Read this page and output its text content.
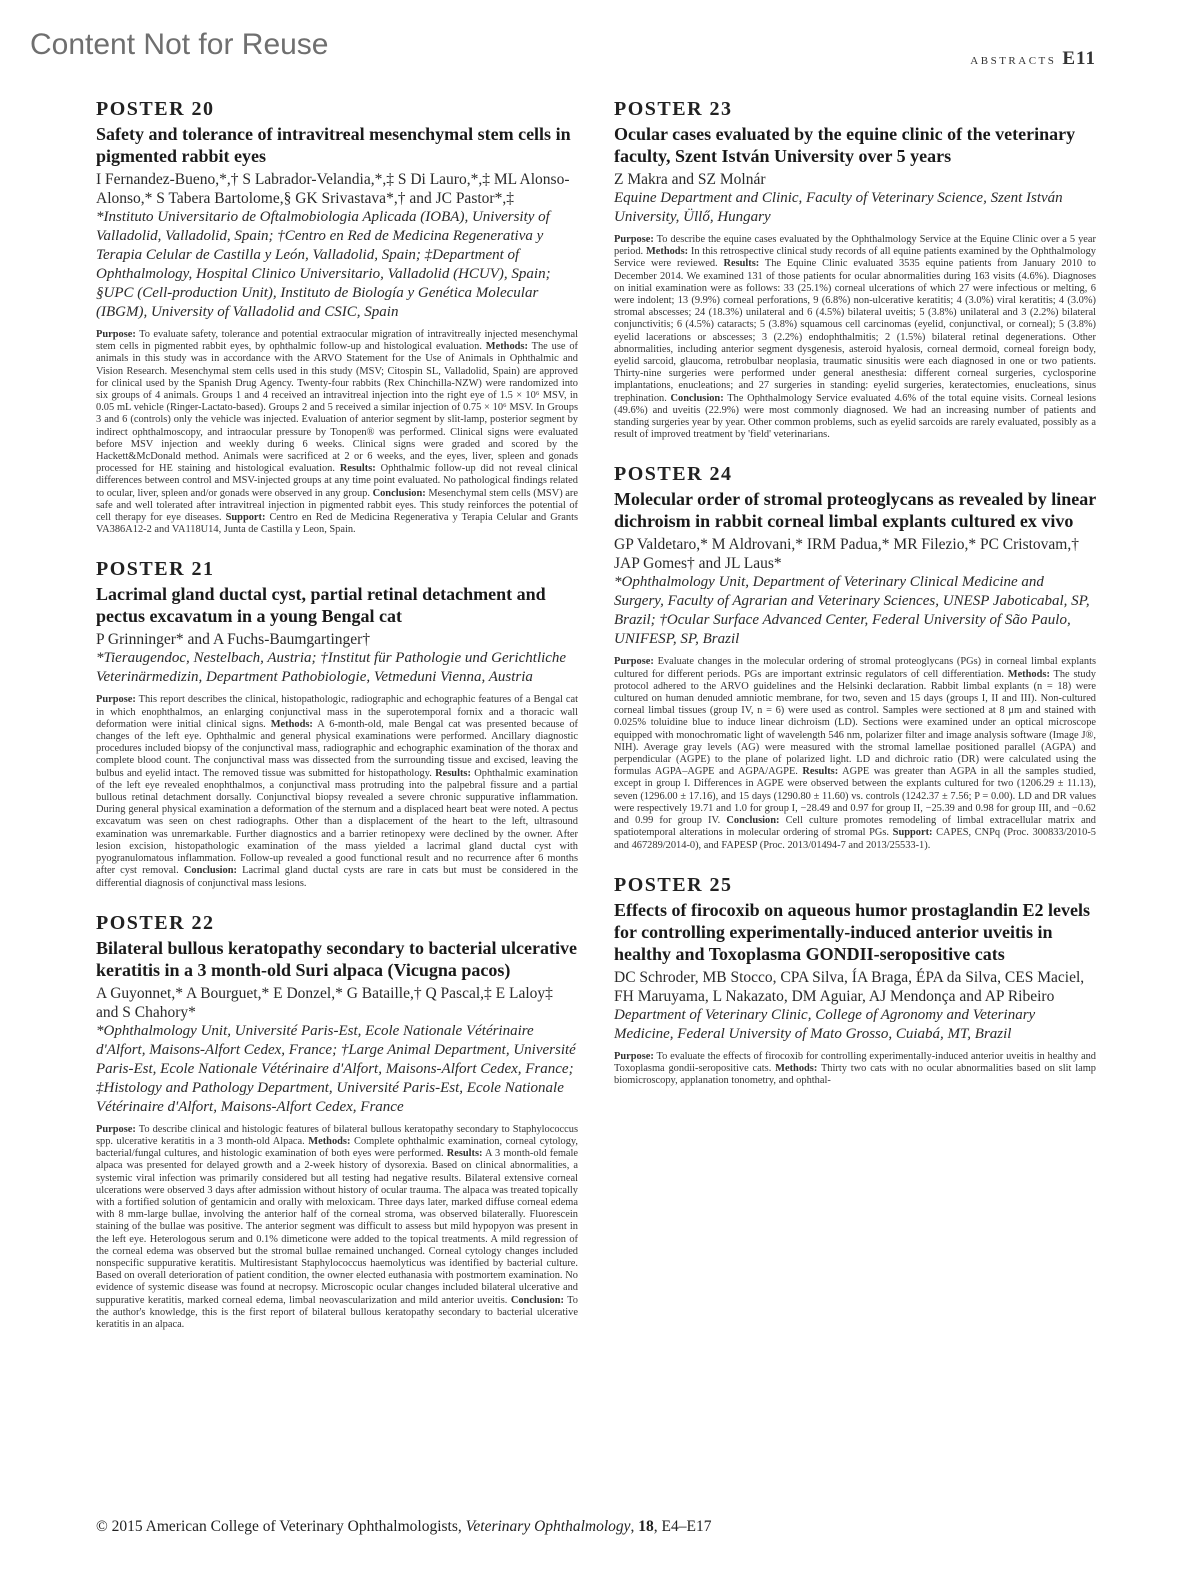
Content Not for Reuse	ABSTRACTS E11
POSTER 20
Safety and tolerance of intravitreal mesenchymal stem cells in pigmented rabbit eyes
I Fernandez-Bueno,*,† S Labrador-Velandia,*,‡ S Di Lauro,*,‡ ML Alonso-Alonso,* S Tabera Bartolome,§ GK Srivastava*,† and JC Pastor*,‡
*Instituto Universitario de Oftalmobiologia Aplicada (IOBA), University of Valladolid, Valladolid, Spain; †Centro en Red de Medicina Regenerativa y Terapia Celular de Castilla y León, Valladolid, Spain; ‡Department of Ophthalmology, Hospital Clinico Universitario, Valladolid (HCUV), Spain; §UPC (Cell-production Unit), Instituto de Biología y Genética Molecular (IBGM), University of Valladolid and CSIC, Spain
Purpose: To evaluate safety, tolerance and potential extraocular migration of intravitreally injected mesenchymal stem cells in pigmented rabbit eyes, by ophthalmic follow-up and histological evaluation. Methods: The use of animals in this study was in accordance with the ARVO Statement for the Use of Animals in Ophthalmic and Vision Research. Mesenchymal stem cells used in this study (MSV; Citospin SL, Valladolid, Spain) are approved for clinical used by the Spanish Drug Agency. Twenty-four rabbits (Rex Chinchilla-NZW) were randomized into six groups of 4 animals. Groups 1 and 4 received an intravitreal injection into the right eye of 1.5 × 10⁶ MSV, in 0.05 mL vehicle (Ringer-Lactato-based). Groups 2 and 5 received a similar injection of 0.75 × 10⁶ MSV. In Groups 3 and 6 (controls) only the vehicle was injected. Evaluation of anterior segment by slit-lamp, posterior segment by indirect ophthalmoscopy, and intraocular pressure by Tonopen® was performed. Clinical signs were evaluated before MSV injection and weekly during 6 weeks. Clinical signs were graded and scored by the Hackett&McDonald method. Animals were sacrificed at 2 or 6 weeks, and the eyes, liver, spleen and gonads processed for HE staining and histological evaluation. Results: Ophthalmic follow-up did not reveal clinical differences between control and MSV-injected groups at any time point evaluated. No pathological findings related to ocular, liver, spleen and/or gonads were observed in any group. Conclusion: Mesenchymal stem cells (MSV) are safe and well tolerated after intravitreal injection in pigmented rabbit eyes. This study reinforces the potential of cell therapy for eye diseases. Support: Centro en Red de Medicina Regenerativa y Terapia Celular and Grants VA386A12-2 and VA118U14, Junta de Castilla y Leon, Spain.
POSTER 21
Lacrimal gland ductal cyst, partial retinal detachment and pectus excavatum in a young Bengal cat
P Grinninger* and A Fuchs-Baumgartinger†
*Tieraugendoc, Nestelbach, Austria; †Institut für Pathologie und Gerichtliche Veterinärmedizin, Department Pathobiologie, Vetmeduni Vienna, Austria
Purpose: This report describes the clinical, histopathologic, radiographic and echographic features of a Bengal cat in which enophthalmos, an enlarging conjunctival mass in the superotemporal fornix and a thoracic wall deformation were initial clinical signs. Methods: A 6-month-old, male Bengal cat was presented because of changes of the left eye. Ophthalmic and general physical examinations were performed. Ancillary diagnostic procedures included biopsy of the conjunctival mass, radiographic and echographic examination of the thorax and complete blood count. The conjunctival mass was dissected from the surrounding tissue and excised, leaving the bulbus and eyelid intact. The removed tissue was submitted for histopathology. Results: Ophthalmic examination of the left eye revealed enophthalmos, a conjunctival mass protruding into the palpebral fissure and a partial bullous retinal detachment dorsally. Conjunctival biopsy revealed a severe chronic suppurative inflammation. During general physical examination a deformation of the sternum and a displaced heart beat were noted. A pectus excavatum was seen on chest radiographs. Other than a displacement of the heart to the left, ultrasound examination was unremarkable. Further diagnostics and a barrier retinopexy were declined by the owner. After lesion excision, histopathologic examination of the mass yielded a lacrimal gland ductal cyst with pyogranulomatous inflammation. Follow-up revealed a good functional result and no recurrence after 6 months after cyst removal. Conclusion: Lacrimal gland ductal cysts are rare in cats but must be considered in the differential diagnosis of conjunctival mass lesions.
POSTER 22
Bilateral bullous keratopathy secondary to bacterial ulcerative keratitis in a 3 month-old Suri alpaca (Vicugna pacos)
A Guyonnet,* A Bourguet,* E Donzel,* G Bataille,† Q Pascal,‡ E Laloy‡ and S Chahory*
*Ophthalmology Unit, Université Paris-Est, Ecole Nationale Vétérinaire d'Alfort, Maisons-Alfort Cedex, France; †Large Animal Department, Université Paris-Est, Ecole Nationale Vétérinaire d'Alfort, Maisons-Alfort Cedex, France; ‡Histology and Pathology Department, Université Paris-Est, Ecole Nationale Vétérinaire d'Alfort, Maisons-Alfort Cedex, France
Purpose: To describe clinical and histologic features of bilateral bullous keratopathy secondary to Staphylococcus spp. ulcerative keratitis in a 3 month-old Alpaca. Methods: Complete ophthalmic examination, corneal cytology, bacterial/fungal cultures, and histologic examination of both eyes were performed. Results: A 3 month-old female alpaca was presented for delayed growth and a 2-week history of dysorexia. Based on clinical abnormalities, a systemic viral infection was primarily considered but all testing had negative results. Bilateral extensive corneal ulcerations were observed 3 days after admission without history of ocular trauma. The alpaca was treated topically with a fortified solution of gentamicin and orally with meloxicam. Three days later, marked diffuse corneal edema with 8 mm-large bullae, involving the anterior half of the corneal stroma, was observed bilaterally. Fluorescein staining of the bullae was positive. The anterior segment was difficult to assess but mild hypopyon was present in the left eye. Heterologous serum and 0.1% dimeticone were added to the topical treatments. A mild regression of the corneal edema was observed but the stromal bullae remained unchanged. Corneal cytology changes included nonspecific suppurative keratitis. Multiresistant Staphylococcus haemolyticus was identified by bacterial culture. Based on overall deterioration of patient condition, the owner elected euthanasia with postmortem examination. No evidence of systemic disease was found at necropsy. Microscopic ocular changes included bilateral ulcerative and suppurative keratitis, marked corneal edema, limbal neovascularization and mild anterior uveitis. Conclusion: To the author's knowledge, this is the first report of bilateral bullous keratopathy secondary to bacterial ulcerative keratitis in an alpaca.
POSTER 23
Ocular cases evaluated by the equine clinic of the veterinary faculty, Szent István University over 5 years
Z Makra and SZ Molnár
Equine Department and Clinic, Faculty of Veterinary Science, Szent István University, Üllő, Hungary
Purpose: To describe the equine cases evaluated by the Ophthalmology Service at the Equine Clinic over a 5 year period. Methods: In this retrospective clinical study records of all equine patients examined by the Ophthalmology Service were reviewed. Results: The Equine Clinic evaluated 3535 equine patients from January 2010 to December 2014. We examined 131 of those patients for ocular abnormalities during 163 visits (4.6%). Diagnoses on initial examination were as follows: 33 (25.1%) corneal ulcerations of which 27 were infectious or melting, 6 were indolent; 13 (9.9%) corneal perforations, 9 (6.8%) non-ulcerative keratitis; 4 (3.0%) viral keratitis; 4 (3.0%) stromal abscesses; 24 (18.3%) unilateral and 6 (4.5%) bilateral uveitis; 5 (3.8%) unilateral and 3 (2.2%) bilateral conjunctivitis; 6 (4.5%) cataracts; 5 (3.8%) squamous cell carcinomas (eyelid, conjunctival, or corneal); 5 (3.8%) eyelid lacerations or abscesses; 3 (2.2%) endophthalmitis; 2 (1.5%) bilateral retinal degenerations. Other abnormalities, including anterior segment dysgenesis, asteroid hyalosis, corneal dermoid, corneal foreign body, eyelid sarcoid, glaucoma, retrobulbar neoplasia, traumatic sinusitis were each diagnosed in one or two patients. Thirty-nine surgeries were performed under general anesthesia: different corneal surgeries, cyclosporine implantations, enucleations; and 27 surgeries in standing: eyelid surgeries, keratectomies, enucleations, sinus trephination. Conclusion: The Ophthalmology Service evaluated 4.6% of the total equine visits. Corneal lesions (49.6%) and uveitis (22.9%) were most commonly diagnosed. We had an increasing number of patients and standing surgeries year by year. Other common problems, such as eyelid sarcoids are rarely evaluated, possibly as a result of improved treatment by 'field' veterinarians.
POSTER 24
Molecular order of stromal proteoglycans as revealed by linear dichroism in rabbit corneal limbal explants cultured ex vivo
GP Valdetaro,* M Aldrovani,* IRM Padua,* MR Filezio,* PC Cristovam,† JAP Gomes† and JL Laus*
*Ophthalmology Unit, Department of Veterinary Clinical Medicine and Surgery, Faculty of Agrarian and Veterinary Sciences, UNESP Jaboticabal, SP, Brazil; †Ocular Surface Advanced Center, Federal University of São Paulo, UNIFESP, SP, Brazil
Purpose: Evaluate changes in the molecular ordering of stromal proteoglycans (PGs) in corneal limbal explants cultured for different periods. PGs are important extrinsic regulators of cell differentiation. Methods: The study protocol adhered to the ARVO guidelines and the Helsinki declaration. Rabbit limbal explants (n = 18) were cultured on human denuded amniotic membrane, for two, seven and 15 days (groups I, II and III). Non-cultured corneal limbal tissues (group IV, n = 6) were used as control. Samples were sectioned at 8 μm and stained with 0.025% toluidine blue to induce linear dichroism (LD). Sections were examined under an optical microscope equipped with monochromatic light of wavelength 546 nm, polarizer filter and image analysis software (Image J®, NIH). Average gray levels (AG) were measured with the stromal lamellae positioned parallel (AGPA) and perpendicular (AGPE) to the plane of polarized light. LD and dichroic ratio (DR) were calculated using the formulas AGPA–AGPE and AGPA/AGPE. Results: AGPE was greater than AGPA in all the samples studied, except in group I. Differences in AGPE were observed between the explants cultured for two (1206.29 ± 11.13), seven (1296.00 ± 17.16), and 15 days (1290.80 ± 11.60) vs. controls (1242.37 ± 7.56; P = 0.00). LD and DR values were respectively 19.71 and 1.0 for group I, −28.49 and 0.97 for group II, −25.39 and 0.98 for group III, and −0.62 and 0.99 for group IV. Conclusion: Cell culture promotes remodeling of limbal extracellular matrix and spatiotemporal alterations in molecular ordering of stromal PGs. Support: CAPES, CNPq (Proc. 300833/2010-5 and 467289/2014-0), and FAPESP (Proc. 2013/01494-7 and 2013/25533-1).
POSTER 25
Effects of firocoxib on aqueous humor prostaglandin E2 levels for controlling experimentally-induced anterior uveitis in healthy and Toxoplasma GONDII-seropositive cats
DC Schroder, MB Stocco, CPA Silva, ÍA Braga, ÉPA da Silva, CES Maciel, FH Maruyama, L Nakazato, DM Aguiar, AJ Mendonça and AP Ribeiro
Department of Veterinary Clinic, College of Agronomy and Veterinary Medicine, Federal University of Mato Grosso, Cuiabá, MT, Brazil
Purpose: To evaluate the effects of firocoxib for controlling experimentally-induced anterior uveitis in healthy and Toxoplasma gondii-seropositive cats. Methods: Thirty two cats with no ocular abnormalities based on slit lamp biomicroscopy, applanation tonometry, and ophthal-
© 2015 American College of Veterinary Ophthalmologists, Veterinary Ophthalmology, 18, E4–E17
